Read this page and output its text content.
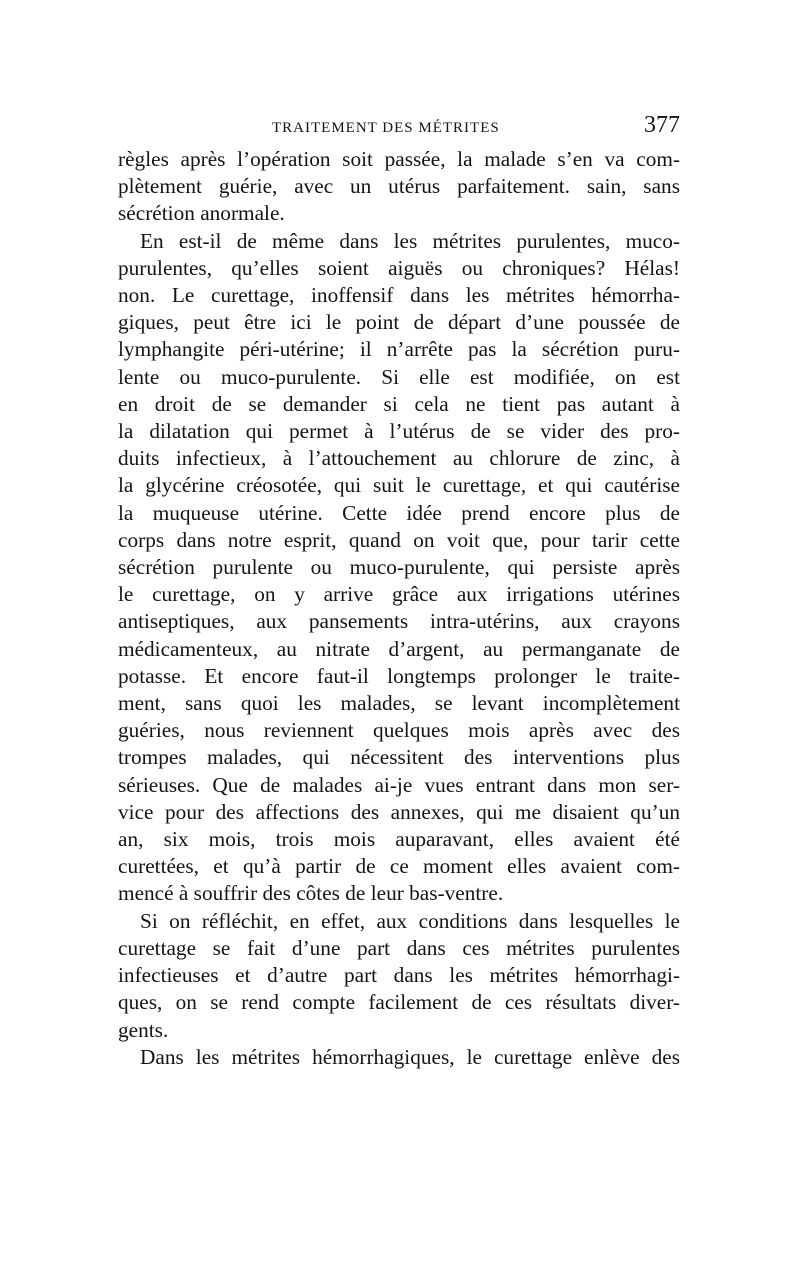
TRAITEMENT DES MÉTRITES	377
règles après l’opération soit passée, la malade s’en va com-
plètement guérie, avec un utérus parfaitement. sain, sans
sécrétion anormale.
En est-il de même dans les métrites purulentes, muco-
purulentes, qu’elles soient aiguës ou chroniques? Hélas!
non. Le curettage, inoffensif dans les métrites hémorrha-
giques, peut être ici le point de départ d’une poussée de
lymphangite péri-utérine; il n’arrête pas la sécrétion puru-
lente ou muco-purulente. Si elle est modifiée, on est
en droit de se demander si cela ne tient pas autant à
la dilatation qui permet à l’utérus de se vider des pro-
duits infectieux, à l’attouchement au chlorure de zinc, à
la glycérine créosotée, qui suit le curettage, et qui cautérise
la muqueuse utérine. Cette idée prend encore plus de
corps dans notre esprit, quand on voit que, pour tarir cette
sécrétion purulente ou muco-purulente, qui persiste après
le curettage, on y arrive grâce aux irrigations utérines
antiseptiques, aux pansements intra-utérins, aux crayons
médicamenteux, au nitrate d’argent, au permanganate de
potasse. Et encore faut-il longtemps prolonger le traite-
ment, sans quoi les malades, se levant incomplètement
guéries, nous reviennent quelques mois après avec des
trompes malades, qui nécessitent des interventions plus
sérieuses. Que de malades ai-je vues entrant dans mon ser-
vice pour des affections des annexes, qui me disaient qu’un
an, six mois, trois mois auparavant, elles avaient été
curettées, et qu’à partir de ce moment elles avaient com-
mencé à souffrir des côtes de leur bas-ventre.
Si on réfléchit, en effet, aux conditions dans lesquelles le
curettage se fait d’une part dans ces métrites purulentes
infectieuses et d’autre part dans les métrites hémorrhagi-
ques, on se rend compte facilement de ces résultats diver-
gents.
Dans les métrites hémorrhagiques, le curettage enlève des
